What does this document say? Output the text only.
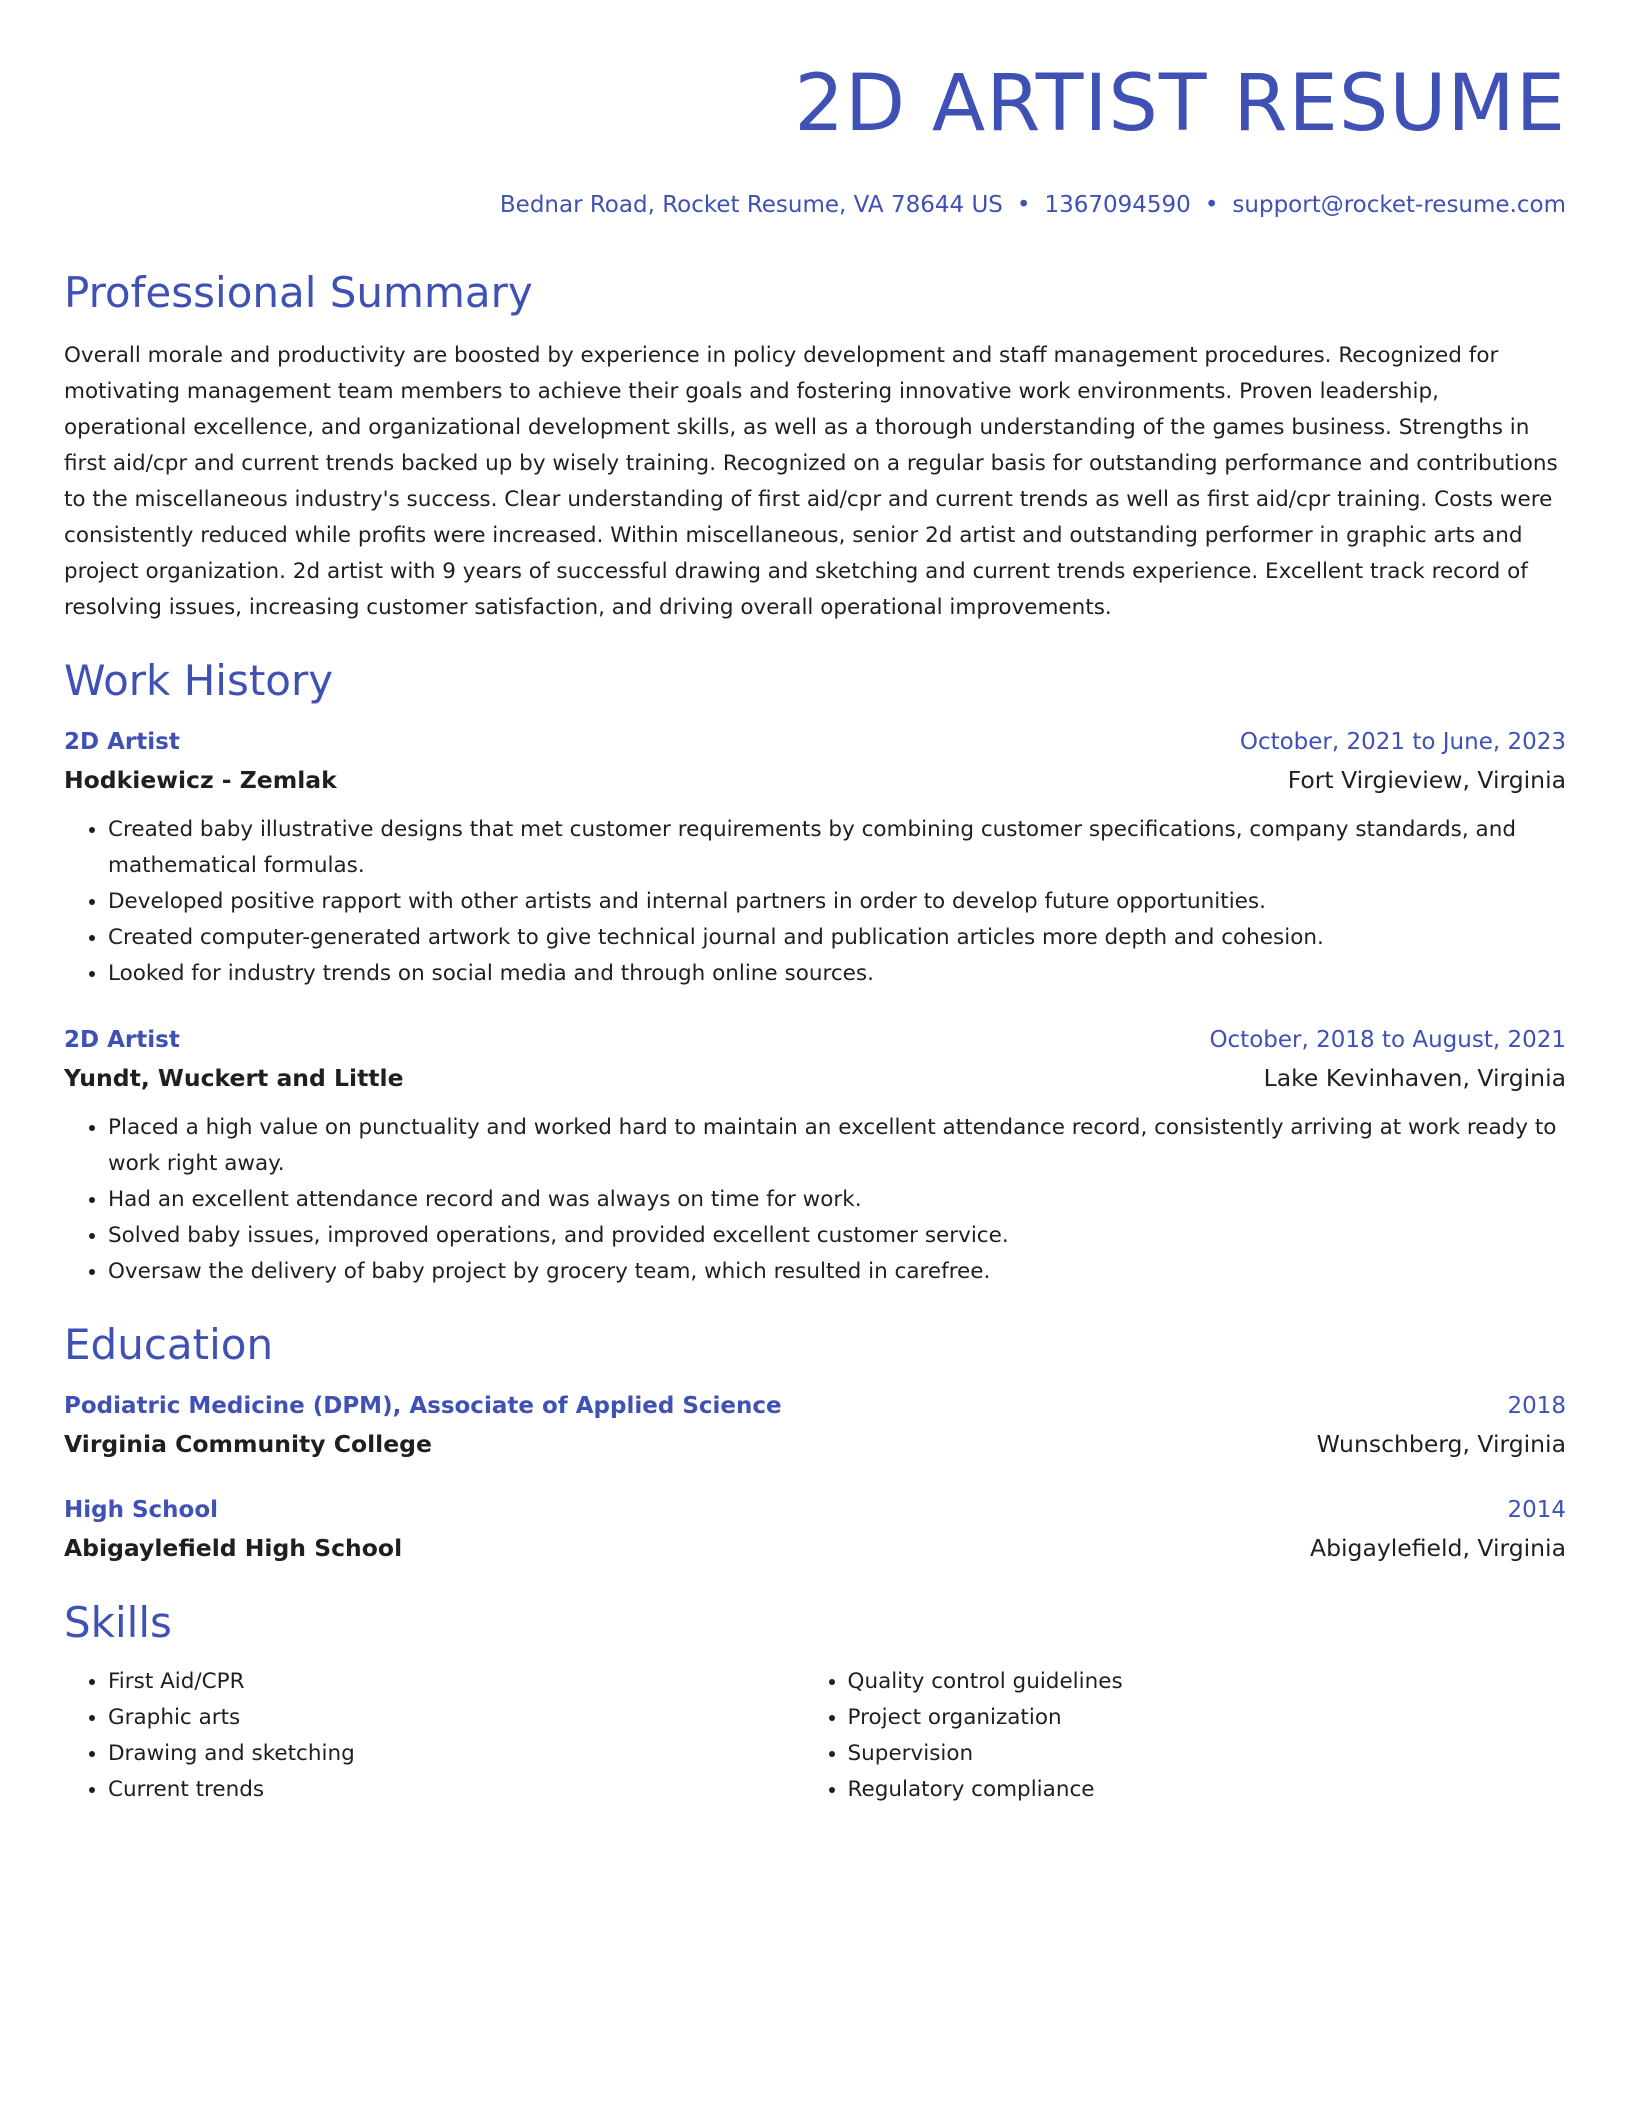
2D ARTIST RESUME
Bednar Road, Rocket Resume, VA 78644 US • 1367094590 • support@rocket-resume.com
Professional Summary
Overall morale and productivity are boosted by experience in policy development and staff management procedures. Recognized for motivating management team members to achieve their goals and fostering innovative work environments. Proven leadership, operational excellence, and organizational development skills, as well as a thorough understanding of the games business. Strengths in first aid/cpr and current trends backed up by wisely training. Recognized on a regular basis for outstanding performance and contributions to the miscellaneous industry's success. Clear understanding of first aid/cpr and current trends as well as first aid/cpr training. Costs were consistently reduced while profits were increased. Within miscellaneous, senior 2d artist and outstanding performer in graphic arts and project organization. 2d artist with 9 years of successful drawing and sketching and current trends experience. Excellent track record of resolving issues, increasing customer satisfaction, and driving overall operational improvements.
Work History
2D Artist	October, 2021 to June, 2023
Hodkiewicz - Zemlak	Fort Virgieview, Virginia
• Created baby illustrative designs that met customer requirements by combining customer specifications, company standards, and mathematical formulas.
• Developed positive rapport with other artists and internal partners in order to develop future opportunities.
• Created computer-generated artwork to give technical journal and publication articles more depth and cohesion.
• Looked for industry trends on social media and through online sources.
2D Artist	October, 2018 to August, 2021
Yundt, Wuckert and Little	Lake Kevinhaven, Virginia
• Placed a high value on punctuality and worked hard to maintain an excellent attendance record, consistently arriving at work ready to work right away.
• Had an excellent attendance record and was always on time for work.
• Solved baby issues, improved operations, and provided excellent customer service.
• Oversaw the delivery of baby project by grocery team, which resulted in carefree.
Education
Podiatric Medicine (DPM), Associate of Applied Science	2018
Virginia Community College	Wunschberg, Virginia
High School	2014
Abigaylefield High School	Abigaylefield, Virginia
Skills
• First Aid/CPR
• Graphic arts
• Drawing and sketching
• Current trends
• Quality control guidelines
• Project organization
• Supervision
• Regulatory compliance
